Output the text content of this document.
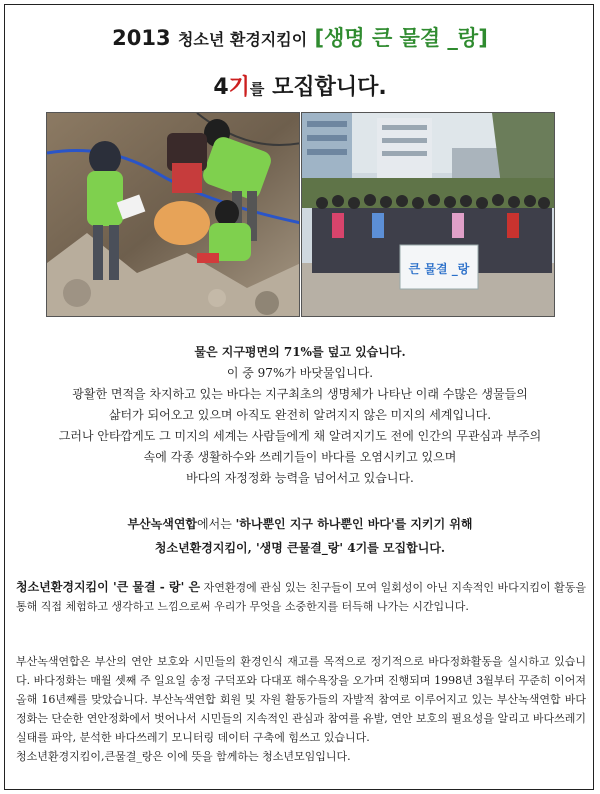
2013 청소년 환경지킴이 [생명 큰 물결 _랑]
4기를 모집합니다.
큰 물결 _랑

물은 지구평면의 71%를 덮고 있습니다.

이 중 97%가 바닷물입니다.

광활한 면적을 차지하고 있는 바다는 지구최초의 생명체가 나타난 이래 수많은 생물들의

삶터가 되어오고 있으며 아직도 완전히 알려지지 않은 미지의 세계입니다.

그러나 안타깝게도 그 미지의 세계는 사람들에게 채 알려지기도 전에 인간의 무관심과 부주의

속에 각종 생활하수와 쓰레기들이 바다를 오염시키고 있으며

바다의 자정정화 능력을 넘어서고 있습니다.

부산녹색연합에서는 '하나뿐인 지구 하나뿐인 바다'를 지키기 위해

청소년환경지킴이, '생명 큰물결_랑' 4기를 모집합니다.

청소년환경지킴이 '큰 물결 - 랑' 은 자연환경에 관심 있는 친구들이 모여 일회성이 아닌 지속적인 바다지킴이 활동을 통해 직접 체험하고 생각하고 느낌으로써 우리가 무엇을 소중한지를 터득해 나가는 시간입니다.

부산녹색연합은 부산의 연안 보호와 시민들의 환경인식 재고를 목적으로 정기적으로 바다정화활동을 실시하고 있습니다. 바다정화는 매월 셋째 주 일요일 송정 구덕포와 다대포 해수욕장을 오가며 진행되며 1998년 3월부터 꾸준히 이어져 올해 16년째를 맞았습니다. 부산녹색연합 회원 및 자원 활동가들의 자발적 참여로 이루어지고 있는 부산녹색연합 바다정화는 단순한 연안정화에서 벗어나서 시민들의 지속적인 관심과 참여를 유발, 연안 보호의 필요성을 알리고 바다쓰레기 실태를 파악, 분석한 바다쓰레기 모니터링 데이터 구축에 힘쓰고 있습니다.

청소년환경지킴이,큰물결_랑은 이에 뜻을 함께하는 청소년모임입니다.
